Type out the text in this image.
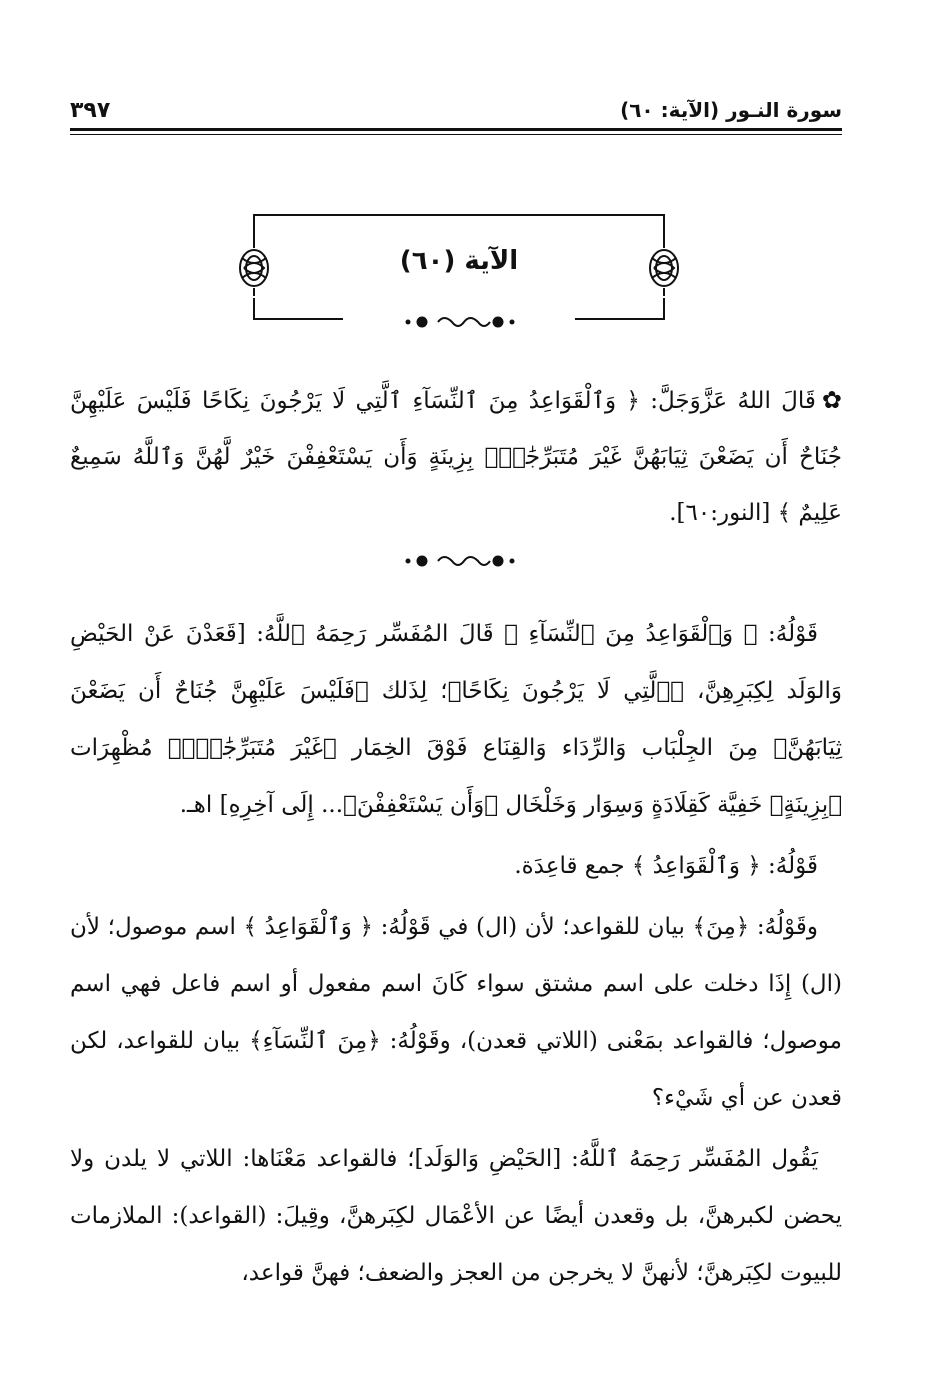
٣٩٧	سورة النـور (الآية: ٦٠)
الآية (٦٠)
✿قَالَ اللهُ عَزَّوَجَلَّ: ﴿ وَٱلْقَوَاعِدُ مِنَ ٱلنِّسَآءِ ٱلَّتِي لَا يَرْجُونَ نِكَاحًا فَلَيْسَ عَلَيْهِنَّ جُنَاحٌ أَن يَضَعْنَ ثِيَابَهُنَّ غَيْرَ مُتَبَرِّجَٰتٍۭ بِزِينَةٍ وَأَن يَسْتَعْفِفْنَ خَيْرٌ لَّهُنَّ وَٱللَّهُ سَمِيعٌ عَلِيمٌ ﴾ [النور:٦٠].
قَوْلُهُ: ﴿ وَٱلْقَوَاعِدُ مِنَ ٱلنِّسَآءِ ﴾ قَالَ المُفَسِّر رَحِمَهُ ٱللَّهُ: [قَعَدْنَ عَنْ الحَيْضِ وَالوَلَد لِكِبَرِهِنَّ، ﴿ٱلَّتِي لَا يَرْجُونَ نِكَاحًا﴾؛ لِذَلك ﴿فَلَيْسَ عَلَيْهِنَّ جُنَاحٌ أَن يَضَعْنَ ثِيَابَهُنَّ﴾ مِنَ الجِلْبَاب وَالرِّدَاء وَالقِنَاع فَوْقَ الخِمَار ﴿غَيْرَ مُتَبَرِّجَٰتٍۭ﴾ مُظْهِرَات ﴿بِزِينَةٍ﴾ خَفِيَّة كَقِلَادَةٍ وَسِوَار وَخَلْخَال ﴿وَأَن يَسْتَعْفِفْنَ﴾... إِلَى آخِرِهِ] اهـ.
قَوْلُهُ: ﴿ وَٱلْقَوَاعِدُ ﴾ جمع قاعِدَة.
وقَوْلُهُ: ﴿مِنَ﴾ بيان للقواعد؛ لأن (ال) في قَوْلُهُ: ﴿ وَٱلْقَوَاعِدُ ﴾ اسم موصول؛ لأن (ال) إِذَا دخلت على اسم مشتق سواء كَانَ اسم مفعول أو اسم فاعل فهي اسم موصول؛ فالقواعد بمَعْنى (اللاتي قعدن)، وقَوْلُهُ: ﴿مِنَ ٱلنِّسَآءِ﴾ بيان للقواعد، لكن قعدن عن أي شَيْء؟
يَقُول المُفَسِّر رَحِمَهُ ٱللَّهُ: [الحَيْضِ وَالوَلَد]؛ فالقواعد مَعْنَاها: اللاتي لا يلدن ولا يحضن لكبرهنَّ، بل وقعدن أيضًا عن الأعْمَال لكِبَرهنَّ، وقِيلَ: (القواعد): الملازمات للبيوت لكِبَرهنَّ؛ لأنهنَّ لا يخرجن من العجز والضعف؛ فهنَّ قواعد،
